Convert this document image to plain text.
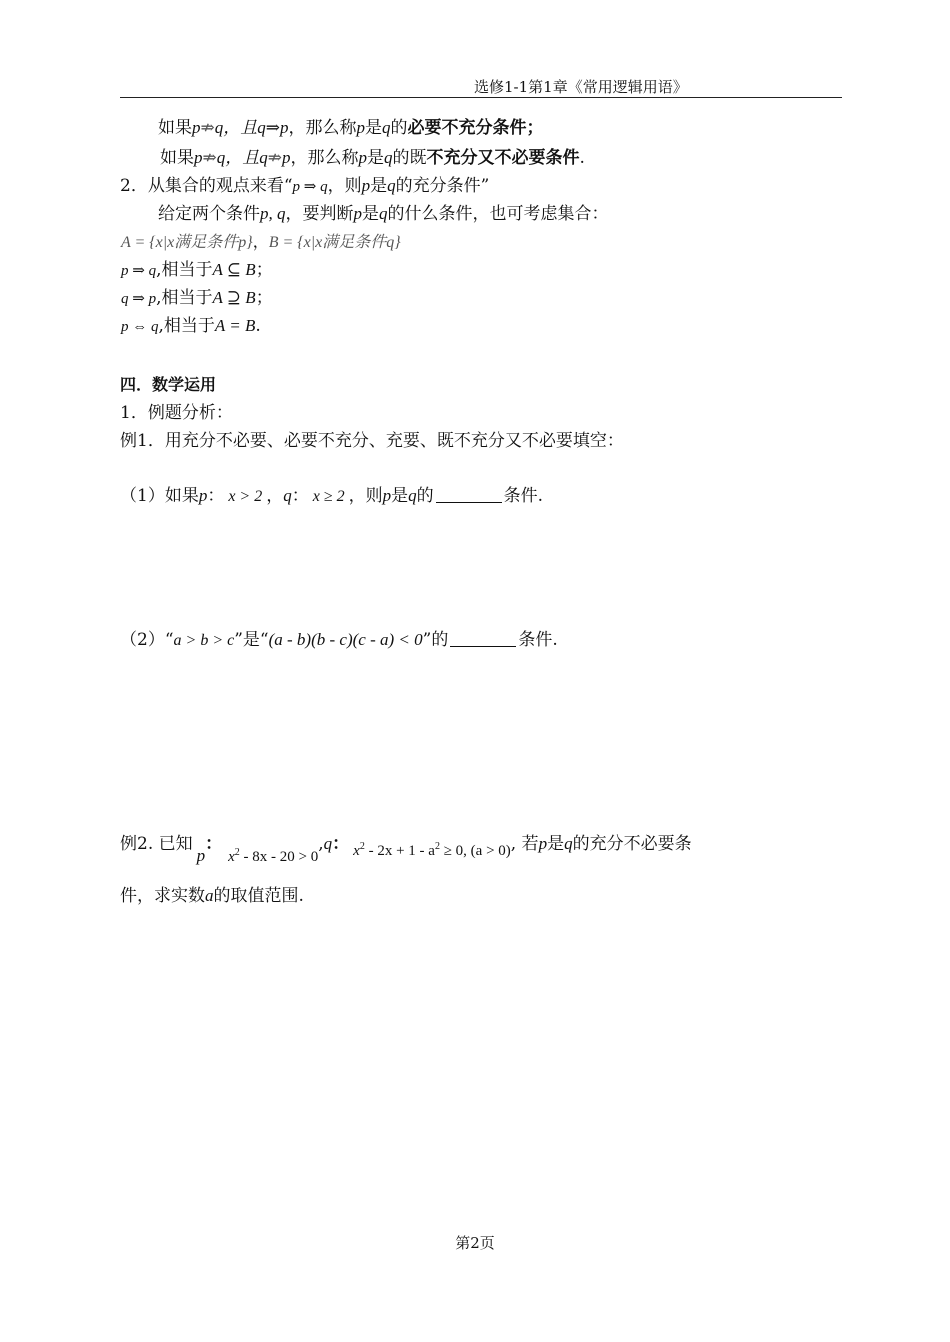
选修1-1第1章《常用逻辑用语》
如果p⇏q，且q⇒p，那么称p是q的必要不充分条件；
如果p⇏q，且q⇏p，那么称p是q的既不充分又不必要条件.
2．从集合的观点来看“p ⇒ q，则p是q的充分条件”
给定两个条件p, q，要判断p是q的什么条件，也可考虑集合：
A = {x|x满足条件p}，B = {x|x满足条件q}
p ⇒ q,相当于A ⊆ B；
q ⇒ p,相当于A ⊇ B；
p ⇔ q,相当于A = B.
四．数学运用
1．例题分析：
例1．用充分不必要、必要不充分、充要、既不充分又不必要填空：
（1）如果p： x > 2 ，q： x ≥ 2 ，则p是q的	条件.
（2）“a > b > c”是“(a - b)(b - c)(c - a) < 0”的	条件.
例2. 已知p：$x^2 - 8x - 20 > 0,q$： $x^2 - 2x + 1 - a^2 \ge 0$, (a > 0), 若p是q的充分不必要条
件，求实数a的取值范围.
第2页
